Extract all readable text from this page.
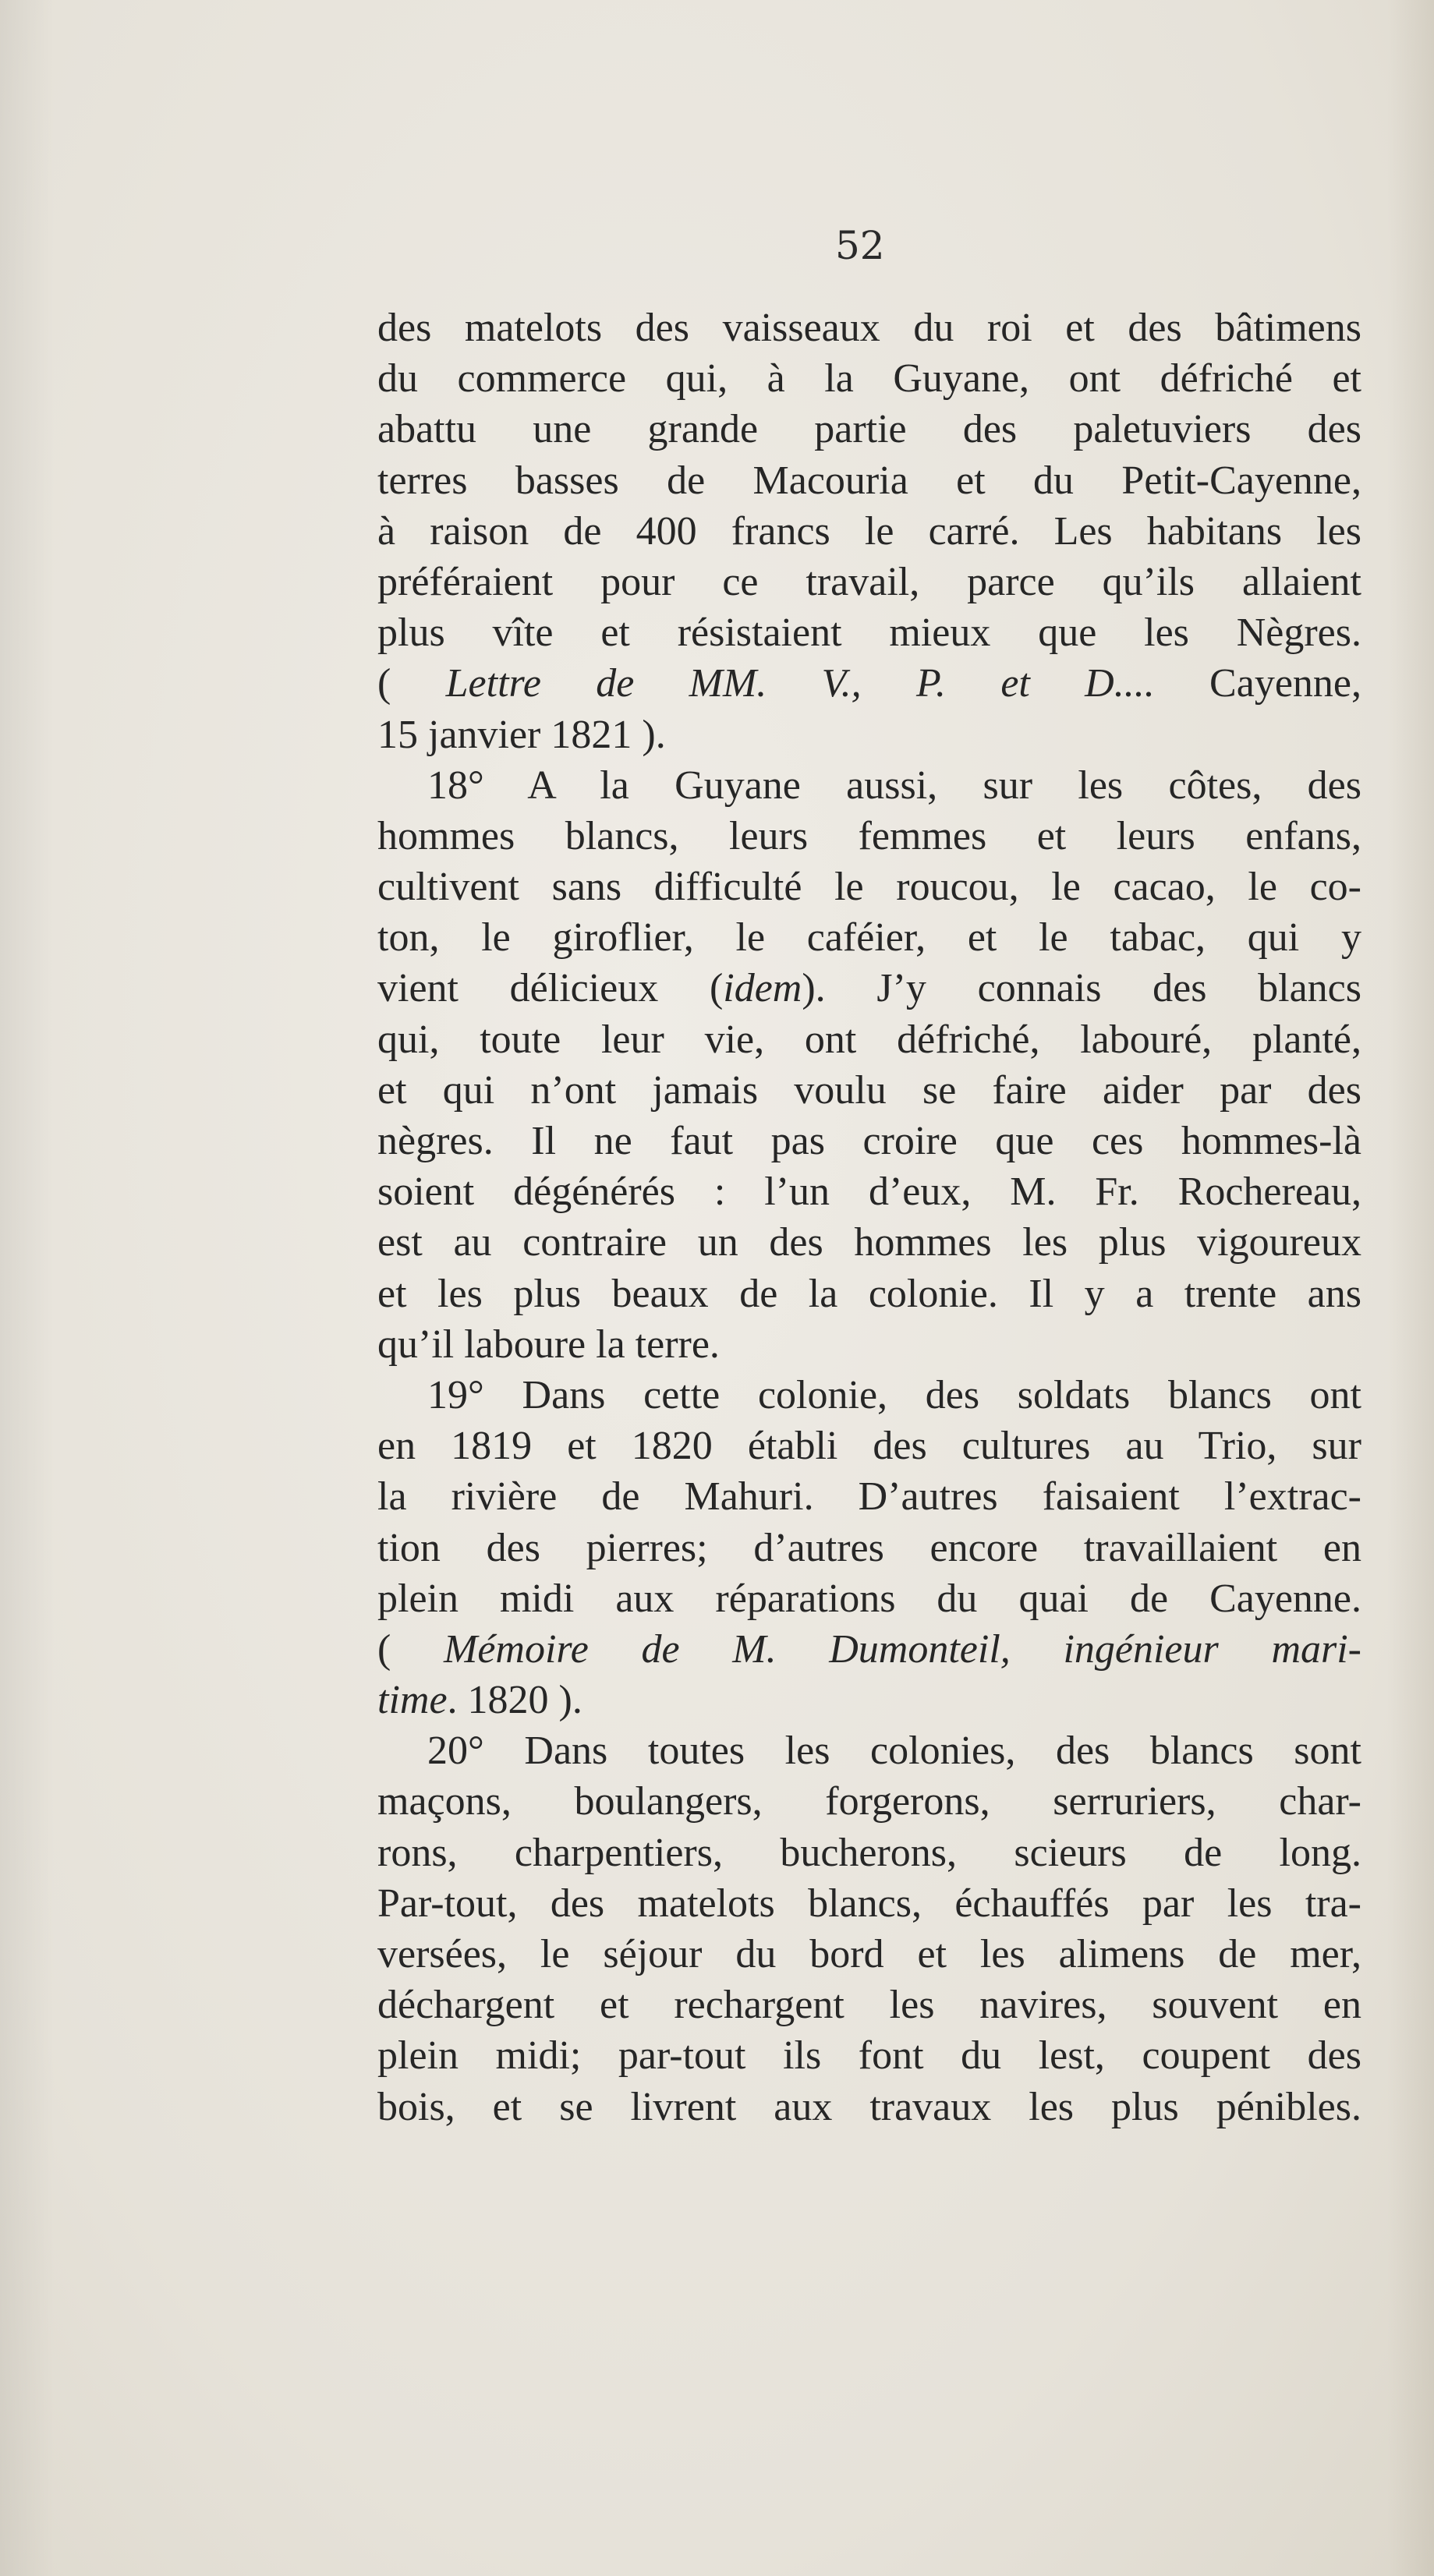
52
des matelots des vaisseaux du roi et des bâtimens
du commerce qui, à la Guyane, ont défriché et
abattu une grande partie des paletuviers des
terres basses de Macouria et du Petit-Cayenne,
à raison de 400 francs le carré. Les habitans les
préféraient pour ce travail, parce qu’ils allaient
plus vîte et résistaient mieux que les Nègres.
( Lettre de MM. V., P. et D.... Cayenne,
15 janvier 1821 ).
18° A la Guyane aussi, sur les côtes, des
hommes blancs, leurs femmes et leurs enfans,
cultivent sans difficulté le roucou, le cacao, le co-
ton, le giroflier, le caféier, et le tabac, qui y
vient délicieux (idem). J’y connais des blancs
qui, toute leur vie, ont défriché, labouré, planté,
et qui n’ont jamais voulu se faire aider par des
nègres. Il ne faut pas croire que ces hommes-là
soient dégénérés : l’un d’eux, M. Fr. Rochereau,
est au contraire un des hommes les plus vigoureux
et les plus beaux de la colonie. Il y a trente ans
qu’il laboure la terre.
19° Dans cette colonie, des soldats blancs ont
en 1819 et 1820 établi des cultures au Trio, sur
la rivière de Mahuri. D’autres faisaient l’extrac-
tion des pierres; d’autres encore travaillaient en
plein midi aux réparations du quai de Cayenne.
( Mémoire de M. Dumonteil, ingénieur mari-
time. 1820 ).
20° Dans toutes les colonies, des blancs sont
maçons, boulangers, forgerons, serruriers, char-
rons, charpentiers, bucherons, scieurs de long.
Par-tout, des matelots blancs, échauffés par les tra-
versées, le séjour du bord et les alimens de mer,
déchargent et rechargent les navires, souvent en
plein midi; par-tout ils font du lest, coupent des
bois, et se livrent aux travaux les plus pénibles.
